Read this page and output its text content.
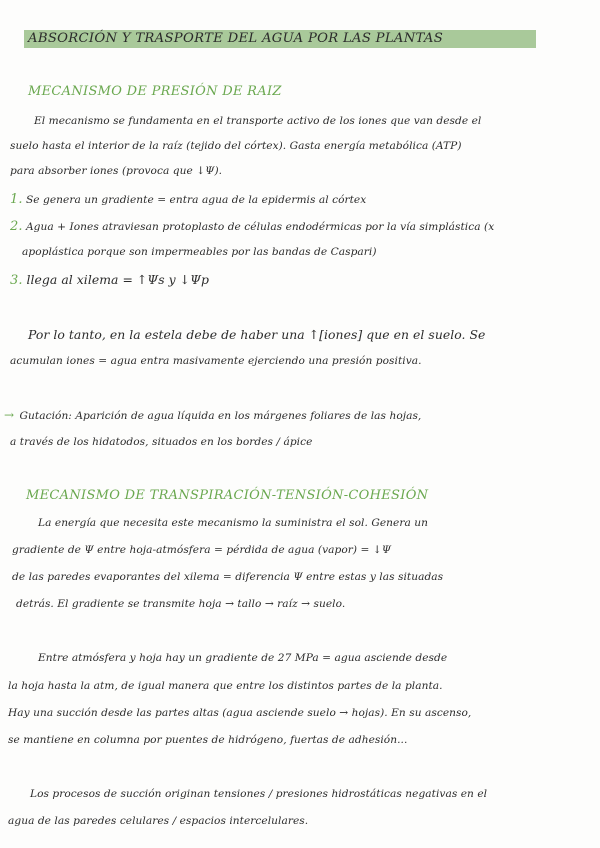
ABSORCIÓN Y TRASPORTE DEL AGUA POR LAS PLANTAS
MECANISMO DE PRESIÓN DE RAIZ
El mecanismo se fundamenta en el transporte activo de los iones que van desde el
suelo hasta el interior de la raíz (tejido del córtex). Gasta energía metabólica (ATP)
para absorber iones (provoca que ↓Ψ).
1. Se genera un gradiente = entra agua de la epidermis al córtex
2. Agua + Iones atraviesan protoplasto de células endodérmicas por la vía simplástica (x
apoplástica porque son impermeables por las bandas de Caspari)
3. llega al xilema = ↑Ψs y ↓Ψp
Por lo tanto, en la estela debe de haber una ↑[iones] que en el suelo. Se
acumulan iones = agua entra masivamente ejerciendo una presión positiva.
→ Gutación: Aparición de agua líquida en los márgenes foliares de las hojas,
a través de los hidatodos, situados en los bordes / ápice
MECANISMO DE TRANSPIRACIÓN-TENSIÓN-COHESIÓN
La energía que necesita este mecanismo la suministra el sol. Genera un
gradiente de Ψ entre hoja-atmósfera = pérdida de agua (vapor) = ↓Ψ
de las paredes evaporantes del xilema = diferencia Ψ entre estas y las situadas
detrás. El gradiente se transmite hoja → tallo → raíz → suelo.
Entre atmósfera y hoja hay un gradiente de 27 MPa = agua asciende desde
la hoja hasta la atm, de igual manera que entre los distintos partes de la planta.
Hay una succión desde las partes altas (agua asciende suelo → hojas). En su ascenso,
se mantiene en columna por puentes de hidrógeno, fuertas de adhesión...
Los procesos de succión originan tensiones / presiones hidrostáticas negativas en el
agua de las paredes celulares / espacios intercelulares.
